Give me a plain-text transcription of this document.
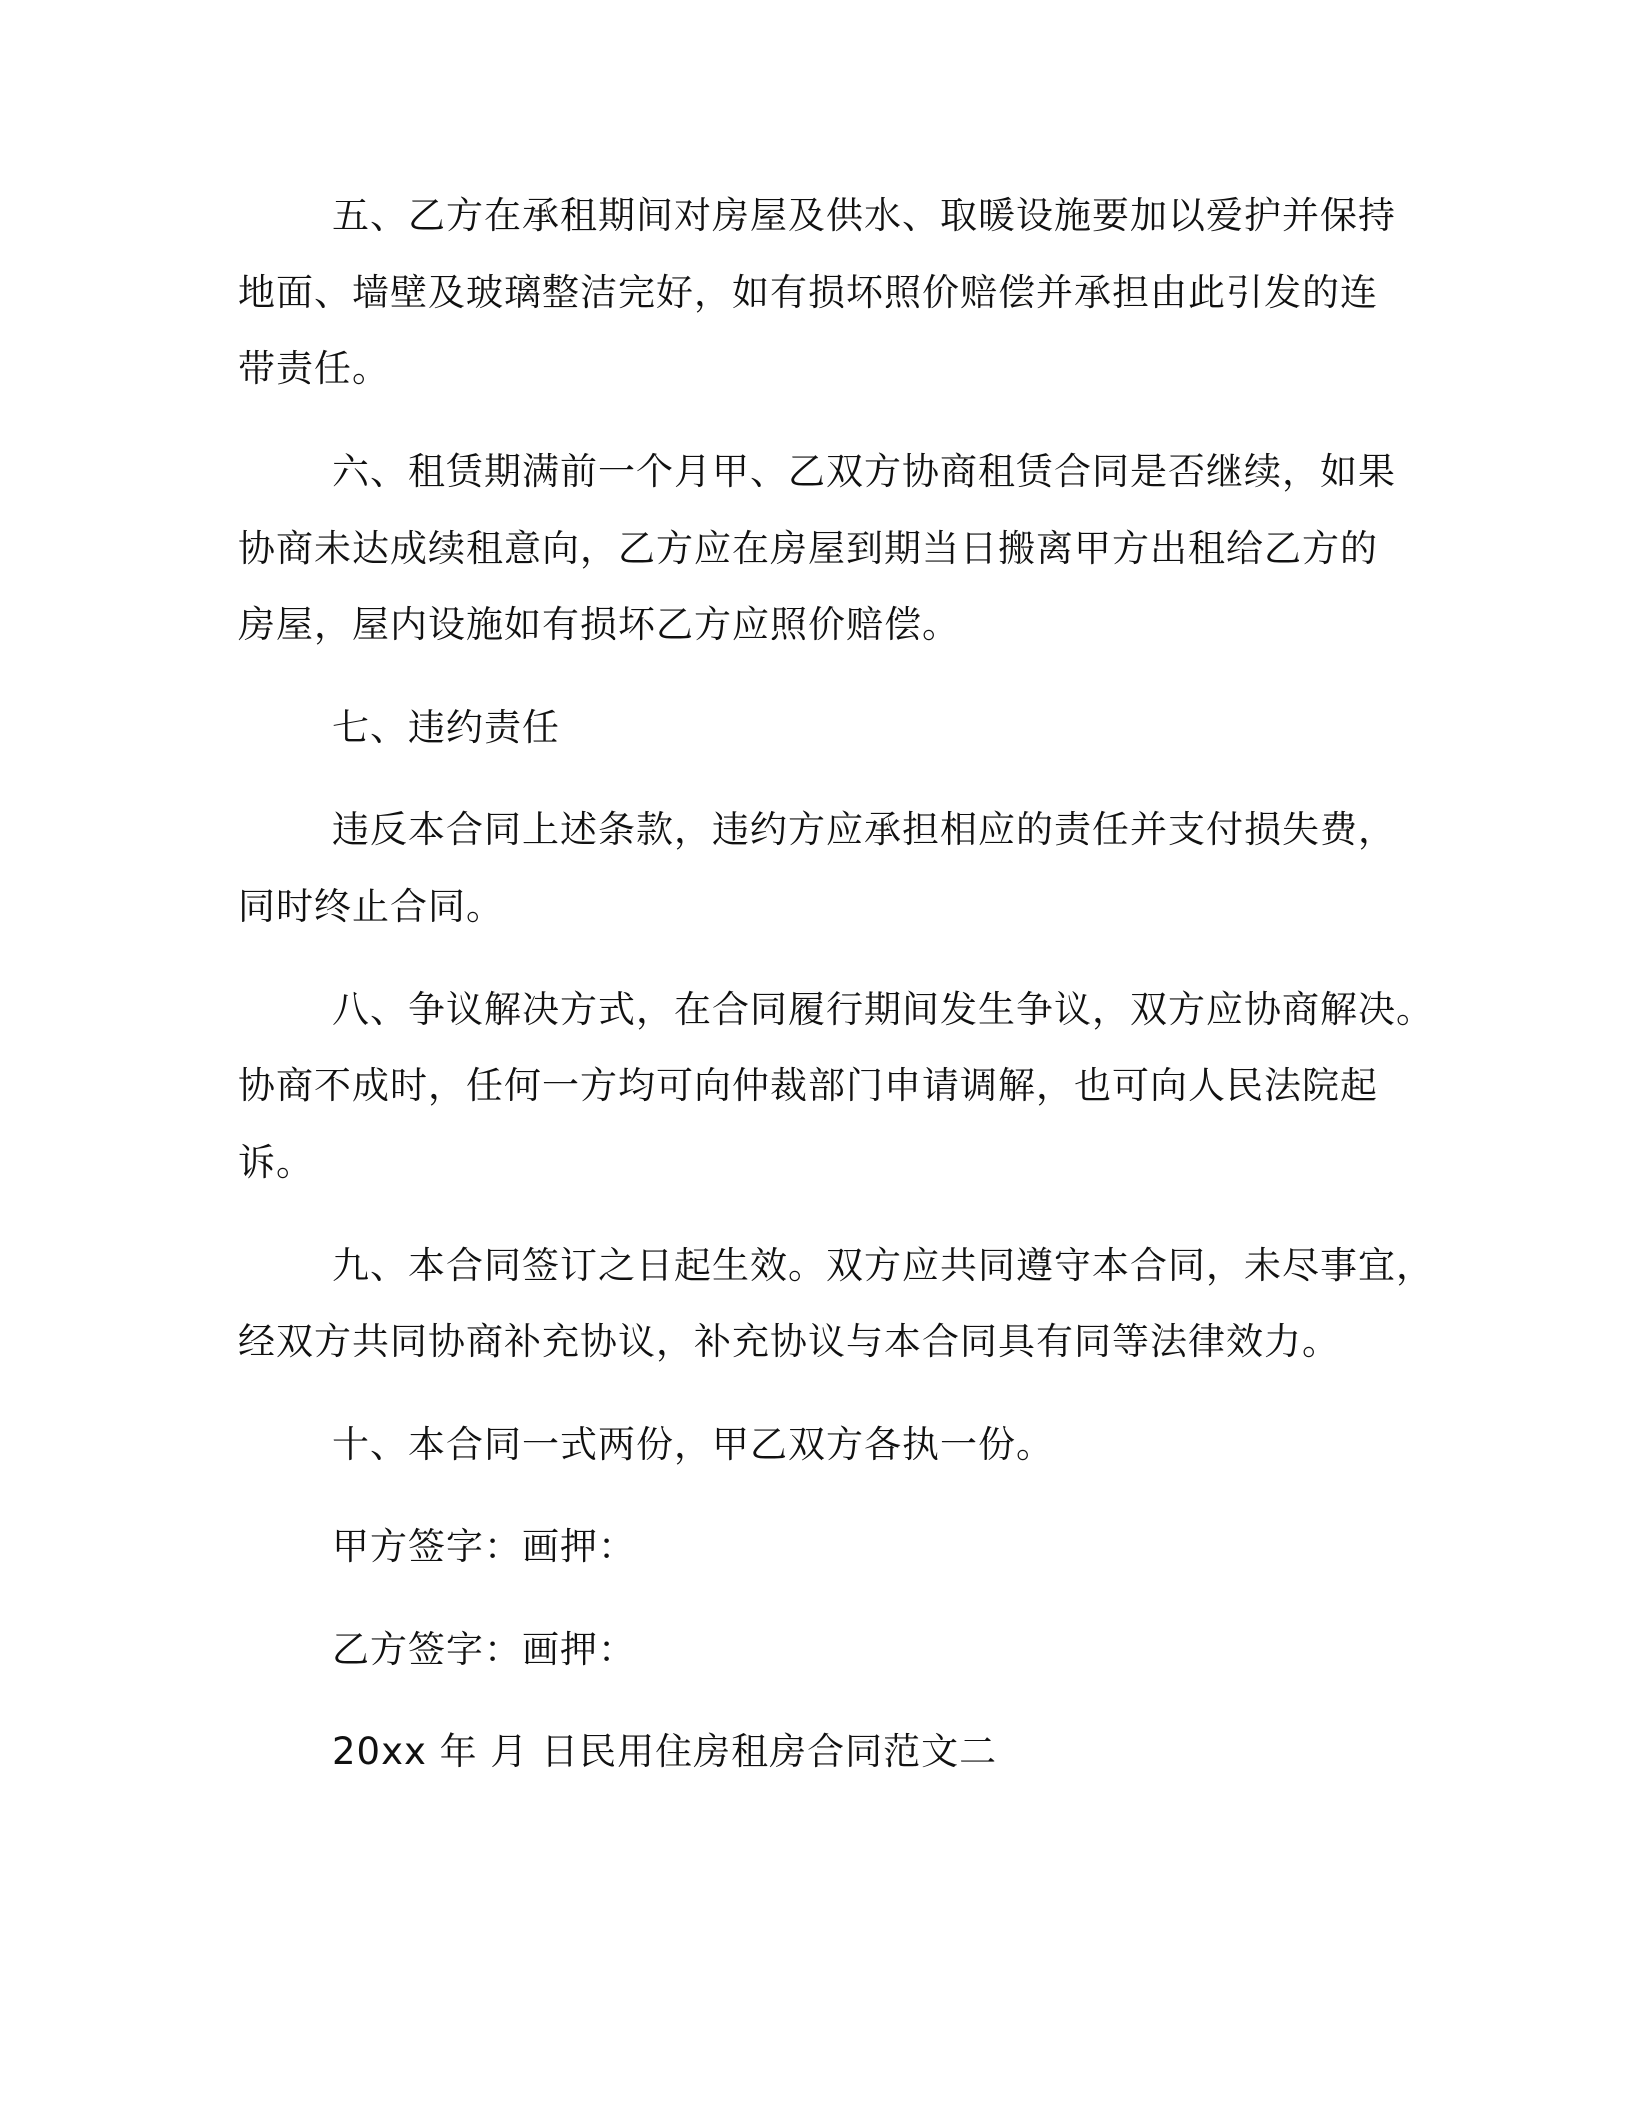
五、乙方在承租期间对房屋及供水、取暖设施要加以爱护并保持
地面、墙壁及玻璃整洁完好，如有损坏照价赔偿并承担由此引发的连
带责任。
六、租赁期满前一个月甲、乙双方协商租赁合同是否继续，如果
协商未达成续租意向，乙方应在房屋到期当日搬离甲方出租给乙方的
房屋，屋内设施如有损坏乙方应照价赔偿。
七、违约责任
违反本合同上述条款，违约方应承担相应的责任并支付损失费，
同时终止合同。
八、争议解决方式，在合同履行期间发生争议，双方应协商解决。
协商不成时，任何一方均可向仲裁部门申请调解，也可向人民法院起
诉。
九、本合同签订之日起生效。双方应共同遵守本合同，未尽事宜，
经双方共同协商补充协议，补充协议与本合同具有同等法律效力。
十、本合同一式两份，甲乙双方各执一份。
甲方签字：画押：
乙方签字：画押：
20xx 年 月 日民用住房租房合同范文二
